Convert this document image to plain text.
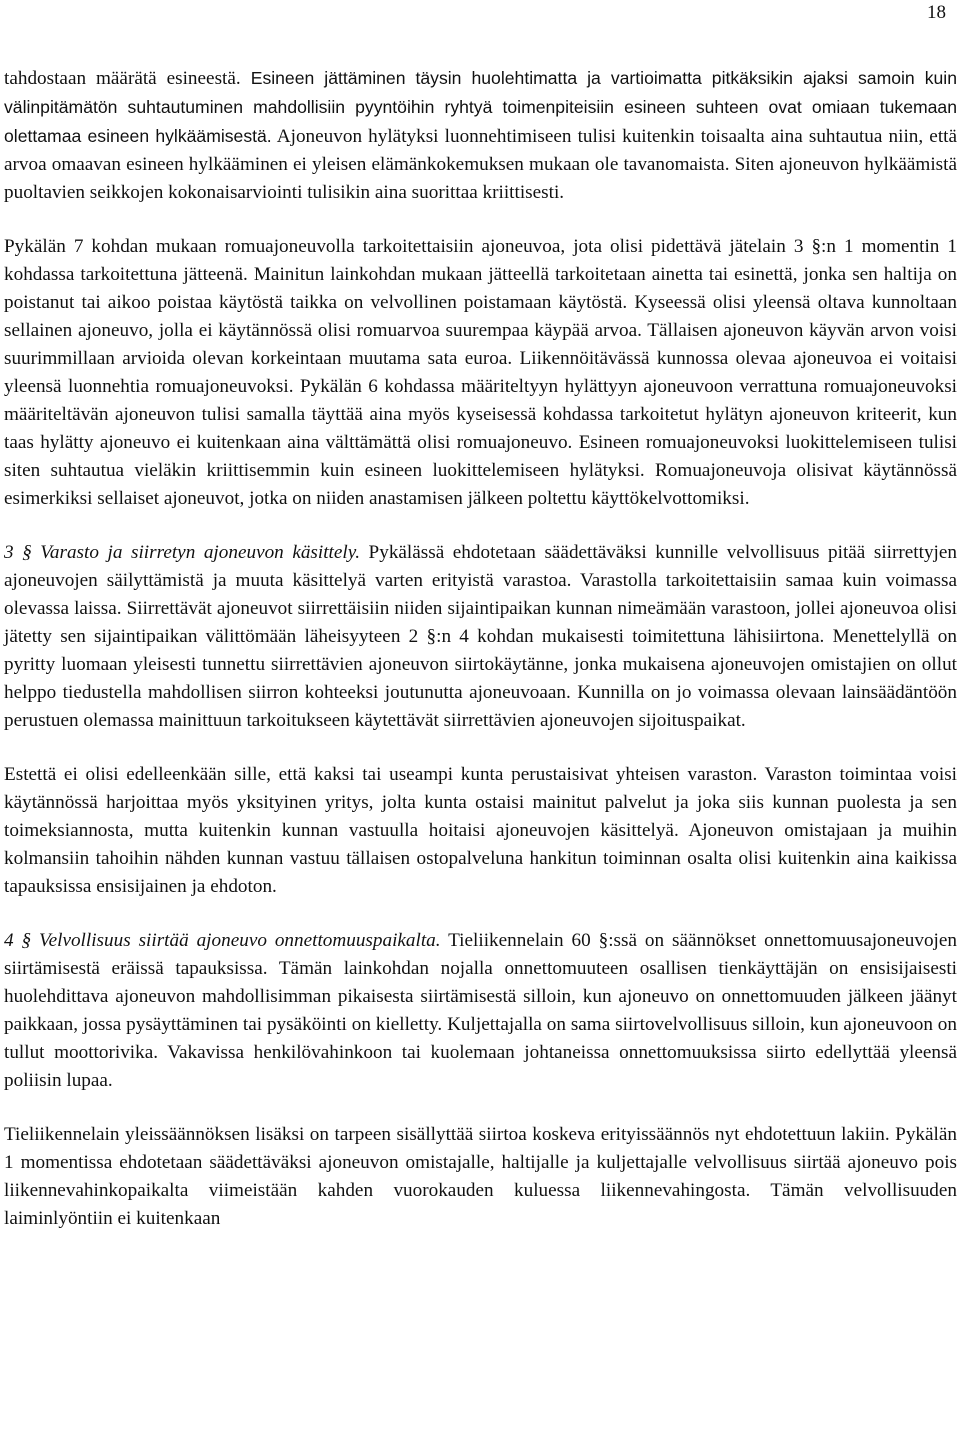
18

tahdostaan määrätä esineestä. Esineen jättäminen täysin huolehtimatta ja vartioimatta pitkäksikin ajaksi samoin kuin välinpitämätön suhtautuminen mahdollisiin pyyntöihin ryhtyä toimenpiteisiin esineen suhteen ovat omiaan tukemaan olettamaa esineen hylkäämisestä. Ajoneuvon hylätyksi luonnehtimiseen tulisi kuitenkin toisaalta aina suhtautua niin, että arvoa omaavan esineen hylkääminen ei yleisen elämänkokemuksen mukaan ole tavanomaista. Siten ajoneuvon hylkäämistä puoltavien seikkojen kokonaisarviointi tulisikin aina suorittaa kriittisesti.

Pykälän 7 kohdan mukaan romuajoneuvolla tarkoitettaisiin ajoneuvoa, jota olisi pidettävä jätelain 3 §:n 1 momentin 1 kohdassa tarkoitettuna jätteenä. Mainitun lainkohdan mukaan jätteellä tarkoitetaan ainetta tai esinettä, jonka sen haltija on poistanut tai aikoo poistaa käytöstä taikka on velvollinen poistamaan käytöstä. Kyseessä olisi yleensä oltava kunnoltaan sellainen ajoneuvo, jolla ei käytännössä olisi romuarvoa suurempaa käypää arvoa. Tällaisen ajoneuvon käyvän arvon voisi suurimmillaan arvioida olevan korkeintaan muutama sata euroa. Liikennöitävässä kunnossa olevaa ajoneuvoa ei voitaisi yleensä luonnehtia romuajoneuvoksi. Pykälän 6 kohdassa määriteltyyn hylättyyn ajoneuvoon verrattuna romuajoneuvoksi määriteltävän ajoneuvon tulisi samalla täyttää aina myös kyseisessä kohdassa tarkoitetut hylätyn ajoneuvon kriteerit, kun taas hylätty ajoneuvo ei kuitenkaan aina välttämättä olisi romuajoneuvo. Esineen romuajoneuvoksi luokittelemiseen tulisi siten suhtautua vieläkin kriittisemmin kuin esineen luokittelemiseen hylätyksi. Romuajoneuvoja olisivat käytännössä esimerkiksi sellaiset ajoneuvot, jotka on niiden anastamisen jälkeen poltettu käyttökelvottomiksi.

3 § Varasto ja siirretyn ajoneuvon käsittely. Pykälässä ehdotetaan säädettäväksi kunnille velvollisuus pitää siirrettyjen ajoneuvojen säilyttämistä ja muuta käsittelyä varten erityistä varastoa. Varastolla tarkoitettaisiin samaa kuin voimassa olevassa laissa. Siirrettävät ajoneuvot siirrettäisiin niiden sijaintipaikan kunnan nimeämään varastoon, jollei ajoneuvoa olisi jätetty sen sijaintipaikan välittömään läheisyyteen 2 §:n 4 kohdan mukaisesti toimitettuna lähisiirtona. Menettelyllä on pyritty luomaan yleisesti tunnettu siirrettävien ajoneuvon siirtokäytänne, jonka mukaisena ajoneuvojen omistajien on ollut helppo tiedustella mahdollisen siirron kohteeksi joutunutta ajoneuvoaan. Kunnilla on jo voimassa olevaan lainsäädäntöön perustuen olemassa mainittuun tarkoitukseen käytettävät siirrettävien ajoneuvojen sijoituspaikat.

Estettä ei olisi edelleenkään sille, että kaksi tai useampi kunta perustaisivat yhteisen varaston. Varaston toimintaa voisi käytännössä harjoittaa myös yksityinen yritys, jolta kunta ostaisi mainitut palvelut ja joka siis kunnan puolesta ja sen toimeksiannosta, mutta kuitenkin kunnan vastuulla hoitaisi ajoneuvojen käsittelyä. Ajoneuvon omistajaan ja muihin kolmansiin tahoihin nähden kunnan vastuu tällaisen ostopalveluna hankitun toiminnan osalta olisi kuitenkin aina kaikissa tapauksissa ensisijainen ja ehdoton.

4 § Velvollisuus siirtää ajoneuvo onnettomuuspaikalta. Tieliikennelain 60 §:ssä on säännökset onnettomuusajoneuvojen siirtämisestä eräissä tapauksissa. Tämän lainkohdan nojalla onnettomuuteen osallisen tienkäyttäjän on ensisijaisesti huolehdittava ajoneuvon mahdollisimman pikaisesta siirtämisestä silloin, kun ajoneuvo on onnettomuuden jälkeen jäänyt paikkaan, jossa pysäyttäminen tai pysäköinti on kielletty. Kuljettajalla on sama siirtovelvollisuus silloin, kun ajoneuvoon on tullut moottorivika. Vakavissa henkilövahinkoon tai kuolemaan johtaneissa onnettomuuksissa siirto edellyttää yleensä poliisin lupaa.

Tieliikennelain yleissäännöksen lisäksi on tarpeen sisällyttää siirtoa koskeva erityissäännös nyt ehdotettuun lakiin. Pykälän 1 momentissa ehdotetaan säädettäväksi ajoneuvon omistajalle, haltijalle ja kuljettajalle velvollisuus siirtää ajoneuvo pois liikennevahinkopaikalta viimeistään kahden vuorokauden kuluessa liikennevahingosta. Tämän velvollisuuden laiminlyöntiin ei kuitenkaan
